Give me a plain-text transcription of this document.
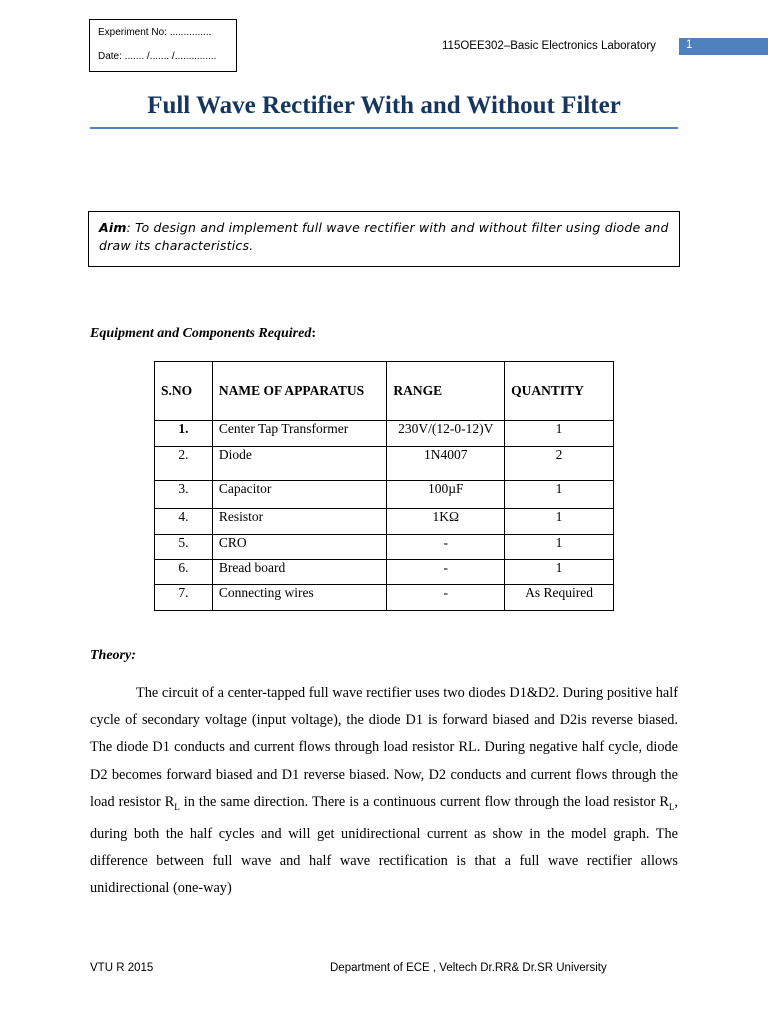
Experiment No: ...............
Date: ....... /....... /...............
115OEE302–Basic Electronics Laboratory	1
Full Wave Rectifier With and Without Filter
Aim: To design and implement full wave rectifier with and without filter using diode and draw its characteristics.
Equipment and Components Required:
S.NO	NAME OF APPARATUS	RANGE	QUANTITY
1.	Center Tap Transformer	230V/(12-0-12)V	1
2.	Diode	1N4007	2
3.	Capacitor	100µF	1
4.	Resistor	1KΩ	1
5.	CRO	-	1
6.	Bread board	-	1
7.	Connecting wires	-	As Required
Theory:

The circuit of a center-tapped full wave rectifier uses two diodes D1&D2. During positive half cycle of secondary voltage (input voltage), the diode D1 is forward biased and D2is reverse biased. The diode D1 conducts and current flows through load resistor RL. During negative half cycle, diode D2 becomes forward biased and D1 reverse biased. Now, D2 conducts and current flows through the load resistor $R_L$ in the same direction. There is a continuous current flow through the load resistor $R_L$, during both the half cycles and will get unidirectional current as show in the model graph. The difference between full wave and half wave rectification is that a full wave rectifier allows unidirectional (one-way)

VTU R 2015	Department of ECE , Veltech Dr.RR& Dr.SR University
